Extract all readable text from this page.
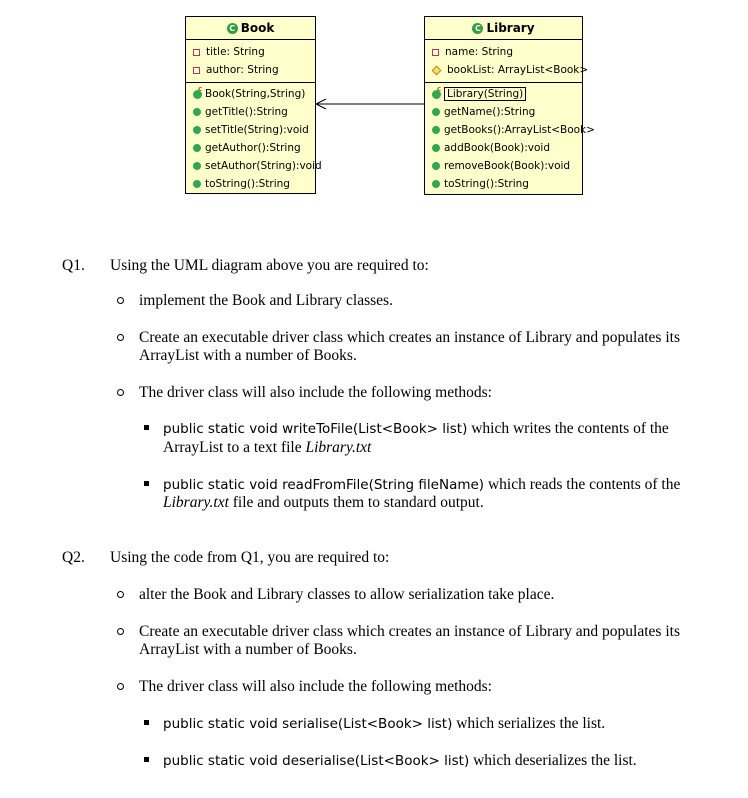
C Book
title: String
author: String
c
Book(String,String)
getTitle():String
setTitle(String):void
getAuthor():String
setAuthor(String):void
toString():String
C Library
name: String
bookList: ArrayList<Book>
c
Library(String)
getName():String
getBooks():ArrayList<Book>
addBook(Book):void
removeBook(Book):void
toString():String
Q1. Using the UML diagram above you are required to:
implement the Book and Library classes.
Create an executable driver class which creates an instance of Library and populates its
ArrayList with a number of Books.
The driver class will also include the following methods:
public static void writeToFile(List<Book> list) which writes the contents of the
ArrayList to a text file Library.txt
public static void readFromFile(String fileName) which reads the contents of the
Library.txt file and outputs them to standard output.
Q2. Using the code from Q1, you are required to:
alter the Book and Library classes to allow serialization take place.
Create an executable driver class which creates an instance of Library and populates its
ArrayList with a number of Books.
The driver class will also include the following methods:
public static void serialise(List<Book> list) which serializes the list.
public static void deserialise(List<Book> list) which deserializes the list.
